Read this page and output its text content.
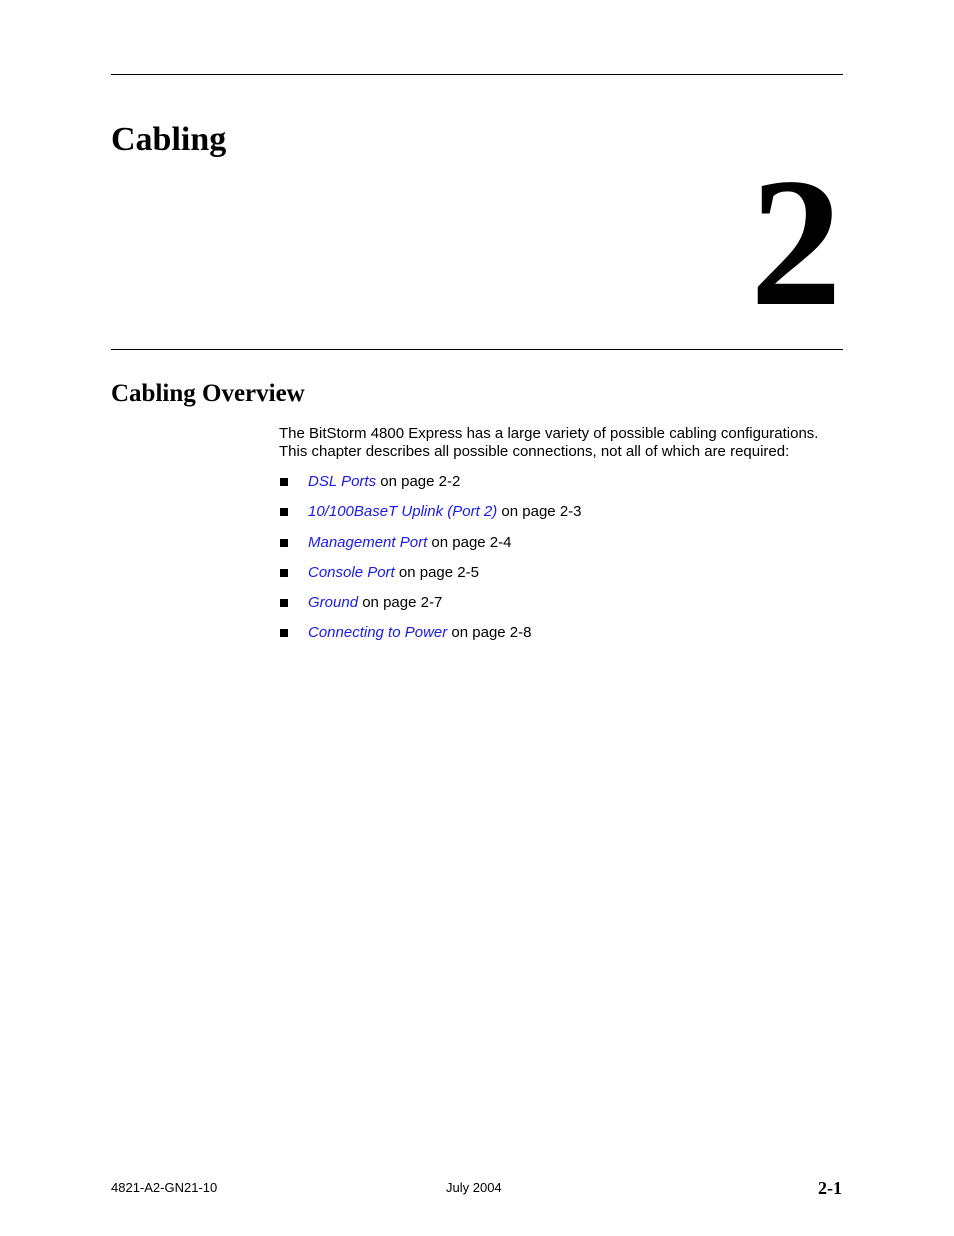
Cabling
2
Cabling Overview

The BitStorm 4800 Express has a large variety of possible cabling configurations.
This chapter describes all possible connections, not all of which are required:

DSL Ports on page 2-2
10/100BaseT Uplink (Port 2) on page 2-3
Management Port on page 2-4
Console Port on page 2-5
Ground on page 2-7
Connecting to Power on page 2-8
4821-A2-GN21-10	July 2004	2-1
